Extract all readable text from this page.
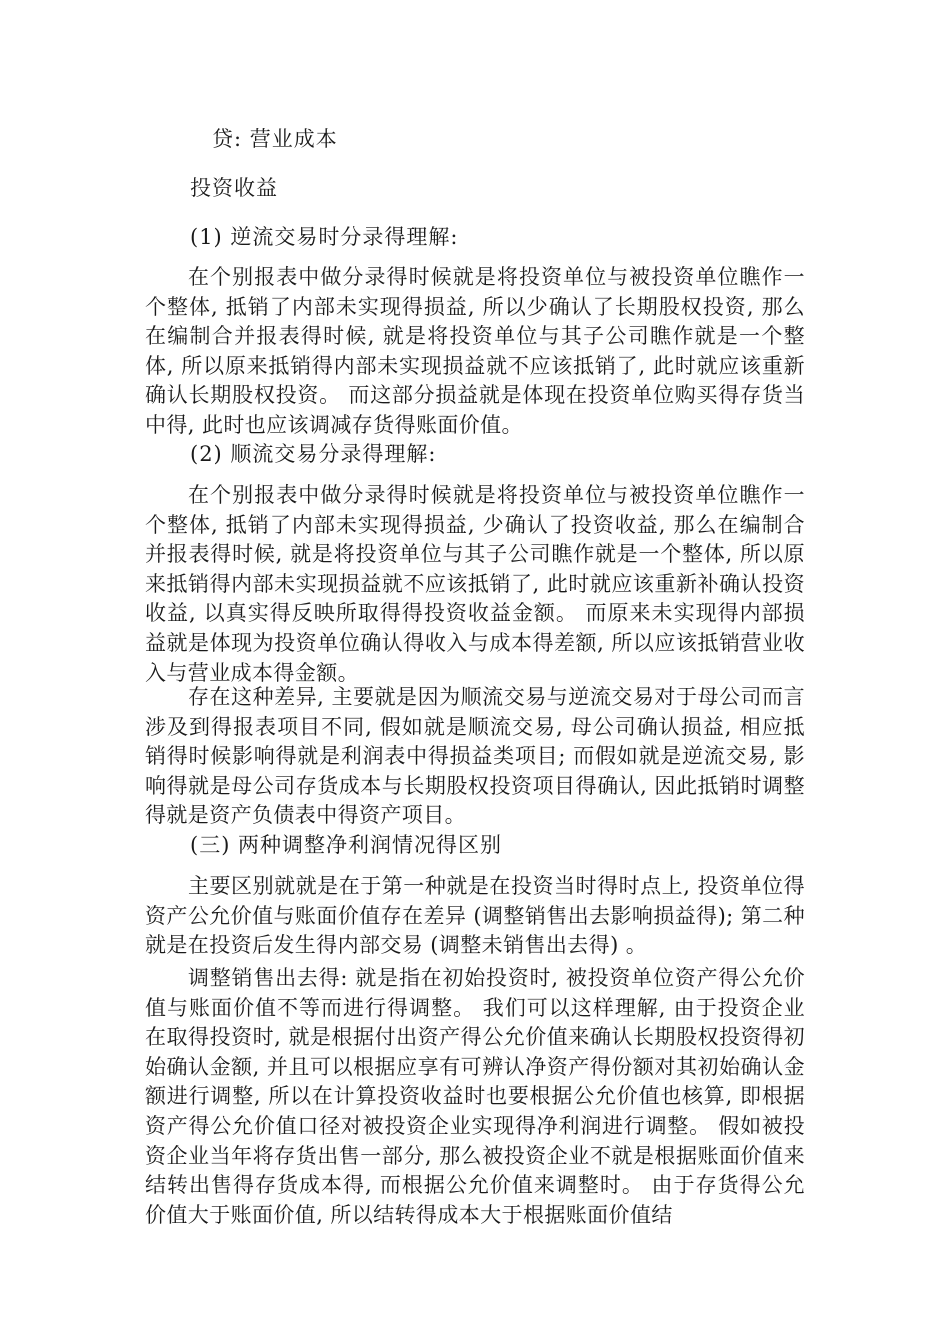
贷: 营业成本
投资收益
(1) 逆流交易时分录得理解:

在个别报表中做分录得时候就是将投资单位与被投资单位瞧作一个整体, 抵销了内部未实现得损益, 所以少确认了长期股权投资, 那么在编制合并报表得时候, 就是将投资单位与其子公司瞧作就是一个整体, 所以原来抵销得内部未实现损益就不应该抵销了, 此时就应该重新确认长期股权投资。 而这部分损益就是体现在投资单位购买得存货当中得, 此时也应该调减存货得账面价值。

(2) 顺流交易分录得理解:

在个别报表中做分录得时候就是将投资单位与被投资单位瞧作一个整体, 抵销了内部未实现得损益, 少确认了投资收益, 那么在编制合并报表得时候, 就是将投资单位与其子公司瞧作就是一个整体, 所以原来抵销得内部未实现损益就不应该抵销了, 此时就应该重新补确认投资收益, 以真实得反映所取得得投资收益金额。 而原来未实现得内部损益就是体现为投资单位确认得收入与成本得差额, 所以应该抵销营业收入与营业成本得金额。

存在这种差异, 主要就是因为顺流交易与逆流交易对于母公司而言涉及到得报表项目不同, 假如就是顺流交易, 母公司确认损益, 相应抵销得时候影响得就是利润表中得损益类项目; 而假如就是逆流交易, 影响得就是母公司存货成本与长期股权投资项目得确认, 因此抵销时调整得就是资产负债表中得资产项目。

(三) 两种调整净利润情况得区别

主要区别就就是在于第一种就是在投资当时得时点上, 投资单位得资产公允价值与账面价值存在差异 (调整销售出去影响损益得); 第二种就是在投资后发生得内部交易 (调整未销售出去得) 。

调整销售出去得: 就是指在初始投资时, 被投资单位资产得公允价值与账面价值不等而进行得调整。 我们可以这样理解, 由于投资企业在取得投资时, 就是根据付出资产得公允价值来确认长期股权投资得初始确认金额, 并且可以根据应享有可辨认净资产得份额对其初始确认金额进行调整, 所以在计算投资收益时也要根据公允价值也核算, 即根据资产得公允价值口径对被投资企业实现得净利润进行调整。 假如被投资企业当年将存货出售一部分, 那么被投资企业不就是根据账面价值来结转出售得存货成本得, 而根据公允价值来调整时。 由于存货得公允价值大于账面价值, 所以结转得成本大于根据账面价值结
